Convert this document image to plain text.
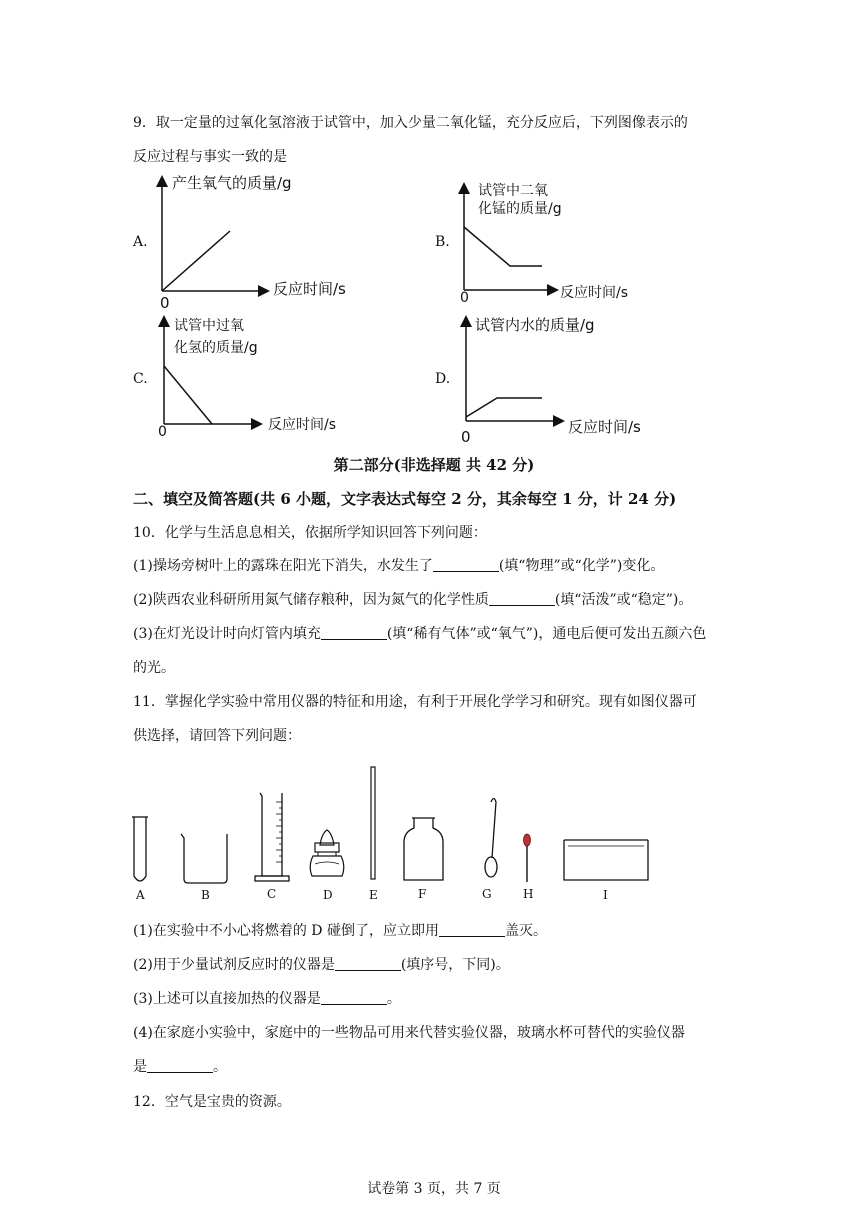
9．取一定量的过氧化氢溶液于试管中，加入少量二氧化锰，充分反应后，下列图像表示的
反应过程与事实一致的是
A.
产生氧气的质量/g
反应时间/s
0
试管中二氧
化锰的质量/g
反应时间/s
0
试管中过氧
化氢的质量/g
反应时间/s
0
试管内水的质量/g
反应时间/s
0
B.
C.	D.
第二部分(非选择题 共 42 分)
二、填空及简答题(共 6 小题，文字表达式每空 2 分，其余每空 1 分，计 24 分)
10．化学与生活息息相关，依据所学知识回答下列问题：
(1)操场旁树叶上的露珠在阳光下消失，水发生了	(填“物理”或“化学”)变化。
(2)陕西农业科研所用氮气储存粮种，因为氮气的化学性质	(填“活泼”或“稳定”)。
(3)在灯光设计时向灯管内填充	(填“稀有气体”或“氧气”)，通电后便可发出五颜六色
的光。
11．掌握化学实验中常用仪器的特征和用途，有利于开展化学学习和研究。现有如图仪器可
供选择，请回答下列问题：
A	B	C	D	E	F	G	H	I
(1)在实验中不小心将燃着的 D 碰倒了，应立即用	盖灭。
(2)用于少量试剂反应时的仪器是	(填序号，下同)。
(3)上述可以直接加热的仪器是	。
(4)在家庭小实验中，家庭中的一些物品可用来代替实验仪器，玻璃水杯可替代的实验仪器
是	。
12．空气是宝贵的资源。
试卷第 3 页，共 7 页
